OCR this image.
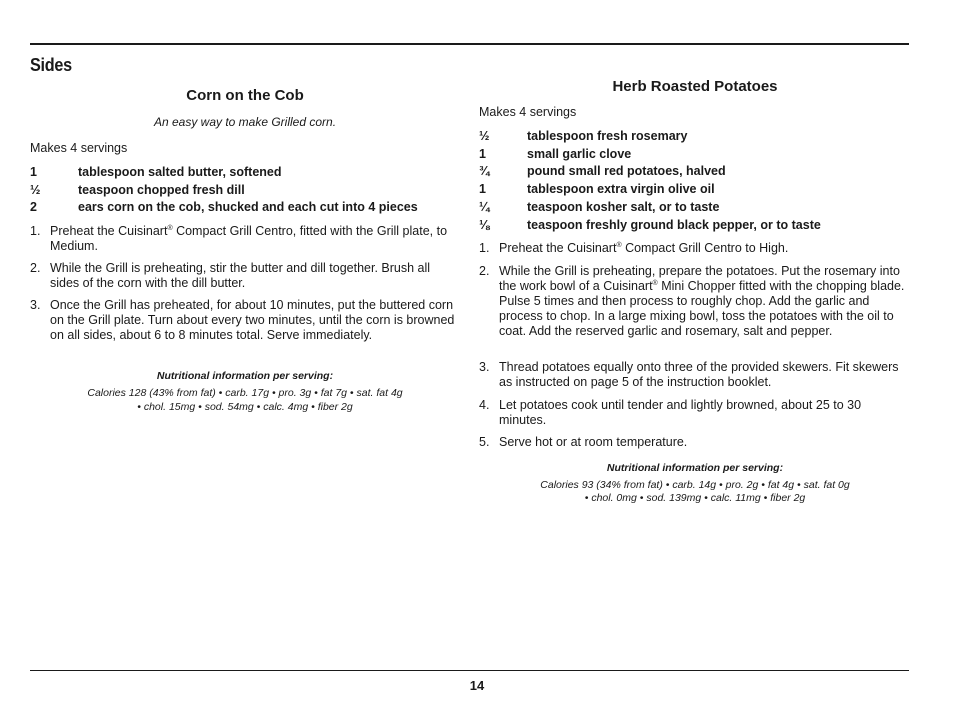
Sides
Corn on the Cob
An easy way to make Grilled corn.
Makes 4 servings
1	tablespoon salted butter, softened
½	teaspoon chopped fresh dill
2	ears corn on the cob, shucked and each cut into 4 pieces
1. Preheat the Cuisinart® Compact Grill Centro, fitted with the Grill plate, to Medium.
2. While the Grill is preheating, stir the butter and dill together. Brush all sides of the corn with the dill butter.
3. Once the Grill has preheated, for about 10 minutes, put the buttered corn on the Grill plate. Turn about every two minutes, until the corn is browned on all sides, about 6 to 8 minutes total. Serve immediately.
Nutritional information per serving:
Calories 128 (43% from fat) • carb. 17g • pro. 3g • fat 7g • sat. fat 4g
• chol. 15mg • sod. 54mg • calc. 4mg • fiber 2g
Herb Roasted Potatoes
Makes 4 servings
½	tablespoon fresh rosemary
1	small garlic clove
¾	pound small red potatoes, halved
1	tablespoon extra virgin olive oil
¼	teaspoon kosher salt, or to taste
⅛	teaspoon freshly ground black pepper, or to taste
1. Preheat the Cuisinart® Compact Grill Centro to High.
2. While the Grill is preheating, prepare the potatoes. Put the rosemary into the work bowl of a Cuisinart® Mini Chopper fitted with the chopping blade. Pulse 5 times and then process to roughly chop. Add the garlic and process to chop. In a large mixing bowl, toss the potatoes with the oil to coat. Add the reserved garlic and rosemary, salt and pepper.
3. Thread potatoes equally onto three of the provided skewers. Fit skewers as instructed on page 5 of the instruction booklet.
4. Let potatoes cook until tender and lightly browned, about 25 to 30 minutes.
5. Serve hot or at room temperature.
Nutritional information per serving:
Calories 93 (34% from fat) • carb. 14g • pro. 2g • fat 4g • sat. fat 0g
• chol. 0mg • sod. 139mg • calc. 11mg • fiber 2g
14
